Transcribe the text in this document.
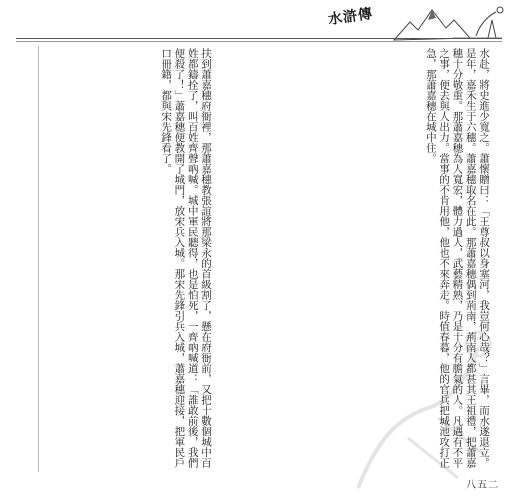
水滸傳
水赴，將史進少寬之。蕭懷贈曰：「王尊叔以身塞河，我豈何心哉？」言畢，而水遂退立。是年，嘉禾生于六穗。蕭嘉穗取名在此。那蕭嘉穗偶到荊南，荊南人都甚其王祖禮，把蕭嘉穗十分敬重。那蕭嘉穗為人寬宏，體力過人，武藝精熟，乃是十分有膽氣的人。凡遇有不平之事，便去與人出力。當事的不肯用他，他也不來奔走。時值春暮，他的官兵把城池攻打正急，那蕭嘉穗在城中住。
扶到蕭嘉穗府衙裡，那蕭嘉穗教張誼將那梁永的首級割了，懸在府衙前，又把十數個城中百姓都鑄拴了，叫百姓齊聲吶喊。城中軍民聽得，也是怕死，一齊吶喊道：「誰敢前後，我們便殺了！」蕭嘉穗便教開了城門，放宋兵入城。那宋先鋒引兵入城，蕭嘉穗迎接，把軍民戶口冊籍，都與宋先鋒看了。
八五二
